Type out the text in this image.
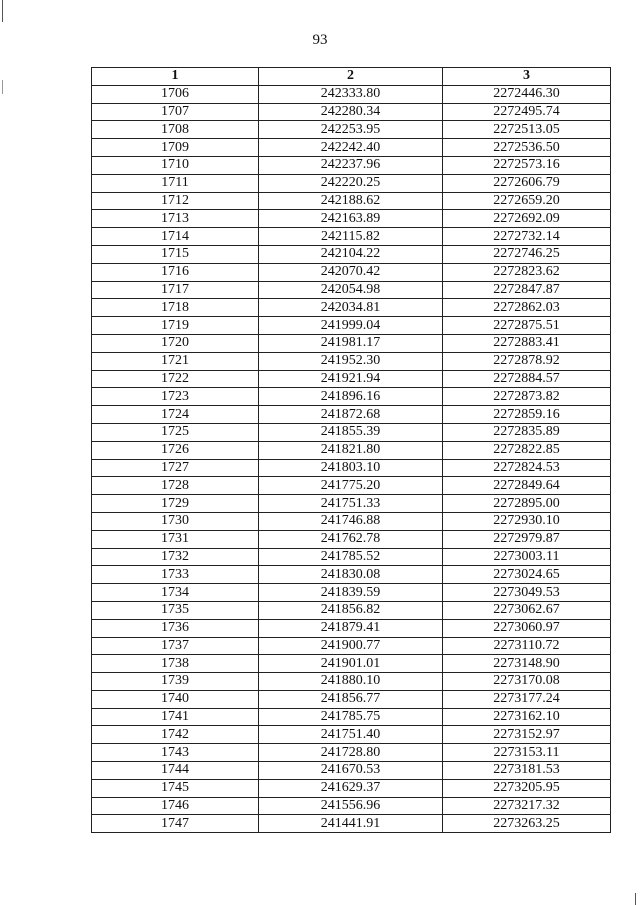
93
1	2	3
1706	242333.80	2272446.30
1707	242280.34	2272495.74
1708	242253.95	2272513.05
1709	242242.40	2272536.50
1710	242237.96	2272573.16
1711	242220.25	2272606.79
1712	242188.62	2272659.20
1713	242163.89	2272692.09
1714	242115.82	2272732.14
1715	242104.22	2272746.25
1716	242070.42	2272823.62
1717	242054.98	2272847.87
1718	242034.81	2272862.03
1719	241999.04	2272875.51
1720	241981.17	2272883.41
1721	241952.30	2272878.92
1722	241921.94	2272884.57
1723	241896.16	2272873.82
1724	241872.68	2272859.16
1725	241855.39	2272835.89
1726	241821.80	2272822.85
1727	241803.10	2272824.53
1728	241775.20	2272849.64
1729	241751.33	2272895.00
1730	241746.88	2272930.10
1731	241762.78	2272979.87
1732	241785.52	2273003.11
1733	241830.08	2273024.65
1734	241839.59	2273049.53
1735	241856.82	2273062.67
1736	241879.41	2273060.97
1737	241900.77	2273110.72
1738	241901.01	2273148.90
1739	241880.10	2273170.08
1740	241856.77	2273177.24
1741	241785.75	2273162.10
1742	241751.40	2273152.97
1743	241728.80	2273153.11
1744	241670.53	2273181.53
1745	241629.37	2273205.95
1746	241556.96	2273217.32
1747	241441.91	2273263.25
